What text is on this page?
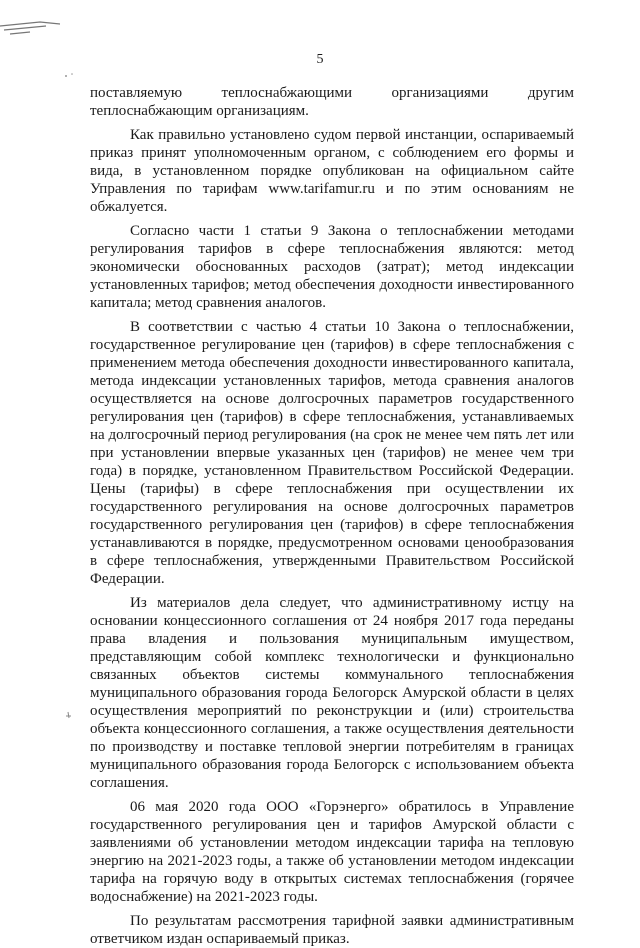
5

поставляемую теплоснабжающими организациями другим теплоснабжающим организациям.

Как правильно установлено судом первой инстанции, оспариваемый приказ принят уполномоченным органом, с соблюдением его формы и вида, в установленном порядке опубликован на официальном сайте Управления по тарифам www.tarifamur.ru и по этим основаниям не обжалуется.

Согласно части 1 статьи 9 Закона о теплоснабжении методами регулирования тарифов в сфере теплоснабжения являются: метод экономически обоснованных расходов (затрат); метод индексации установленных тарифов; метод обеспечения доходности инвестированного капитала; метод сравнения аналогов.

В соответствии с частью 4 статьи 10 Закона о теплоснабжении, государственное регулирование цен (тарифов) в сфере теплоснабжения с применением метода обеспечения доходности инвестированного капитала, метода индексации установленных тарифов, метода сравнения аналогов осуществляется на основе долгосрочных параметров государственного регулирования цен (тарифов) в сфере теплоснабжения, устанавливаемых на долгосрочный период регулирования (на срок не менее чем пять лет или при установлении впервые указанных цен (тарифов) не менее чем три года) в порядке, установленном Правительством Российской Федерации. Цены (тарифы) в сфере теплоснабжения при осуществлении их государственного регулирования на основе долгосрочных параметров государственного регулирования цен (тарифов) в сфере теплоснабжения устанавливаются в порядке, предусмотренном основами ценообразования в сфере теплоснабжения, утвержденными Правительством Российской Федерации.

Из материалов дела следует, что административному истцу на основании концессионного соглашения от 24 ноября 2017 года переданы права владения и пользования муниципальным имуществом, представляющим собой комплекс технологически и функционально связанных объектов системы коммунального теплоснабжения муниципального образования города Белогорск Амурской области в целях осуществления мероприятий по реконструкции и (или) строительства объекта концессионного соглашения, а также осуществления деятельности по производству и поставке тепловой энергии потребителям в границах муниципального образования города Белогорск с использованием объекта соглашения.

06 мая 2020 года ООО «Горэнерго» обратилось в Управление государственного регулирования цен и тарифов Амурской области с заявлениями об установлении методом индексации тарифа на тепловую энергию на 2021-2023 годы, а также об установлении методом индексации тарифа на горячую воду в открытых системах теплоснабжения (горячее водоснабжение) на 2021-2023 годы.

По результатам рассмотрения тарифной заявки административным ответчиком издан оспариваемый приказ.
